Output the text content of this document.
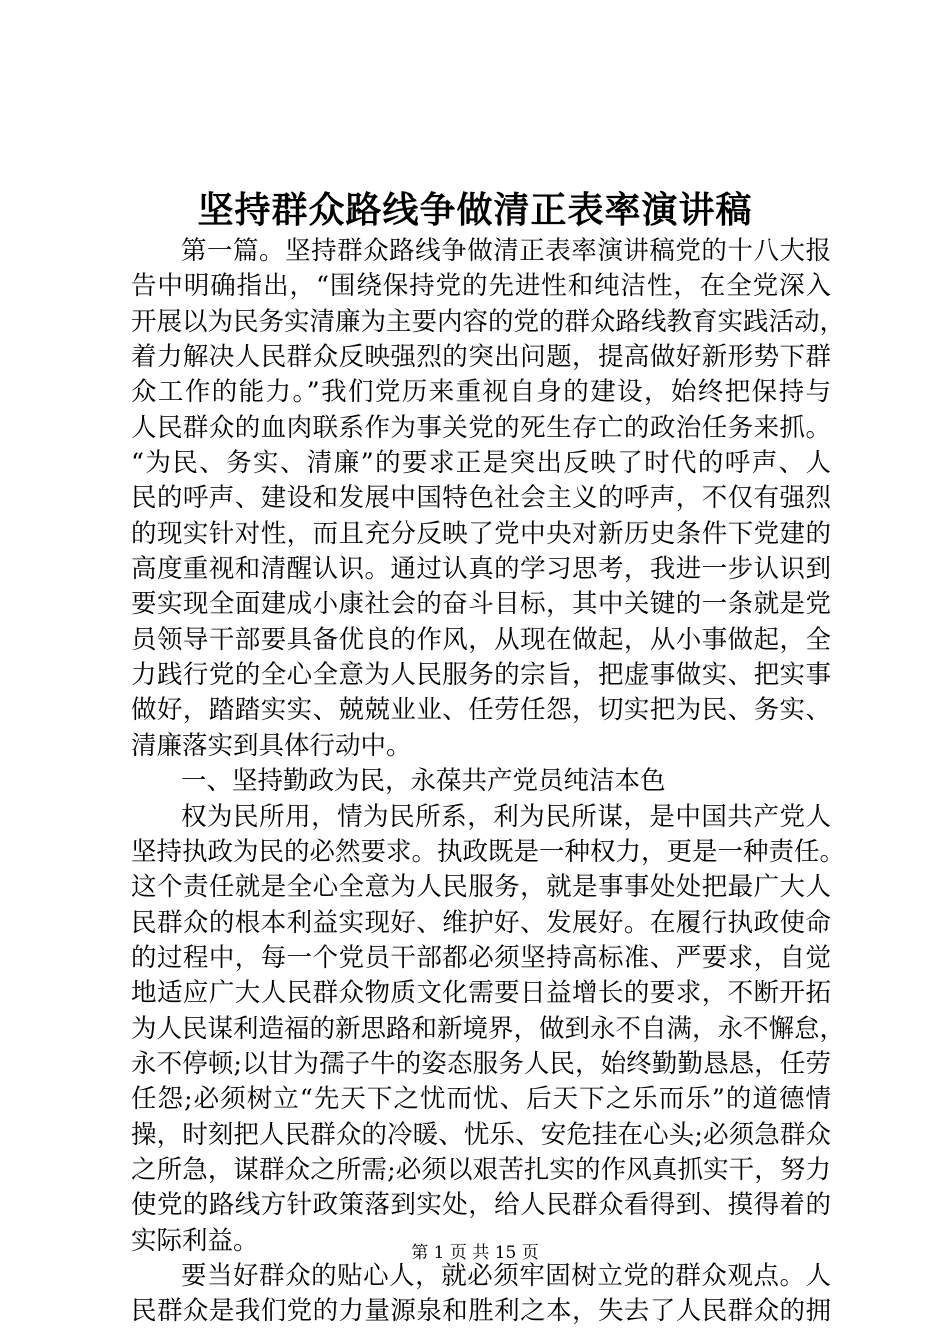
坚持群众路线争做清正表率演讲稿
第一篇。坚持群众路线争做清正表率演讲稿党的十八大报
告中明确指出，“围绕保持党的先进性和纯洁性，在全党深入
开展以为民务实清廉为主要内容的党的群众路线教育实践活动，
着力解决人民群众反映强烈的突出问题，提高做好新形势下群
众工作的能力。”我们党历来重视自身的建设，始终把保持与
人民群众的血肉联系作为事关党的死生存亡的政治任务来抓。
“为民、务实、清廉”的要求正是突出反映了时代的呼声、人
民的呼声、建设和发展中国特色社会主义的呼声，不仅有强烈
的现实针对性，而且充分反映了党中央对新历史条件下党建的
高度重视和清醒认识。通过认真的学习思考，我进一步认识到
要实现全面建成小康社会的奋斗目标，其中关键的一条就是党
员领导干部要具备优良的作风，从现在做起，从小事做起，全
力践行党的全心全意为人民服务的宗旨，把虚事做实、把实事
做好，踏踏实实、兢兢业业、任劳任怨，切实把为民、务实、
清廉落实到具体行动中。
一、坚持勤政为民，永葆共产党员纯洁本色
权为民所用，情为民所系，利为民所谋，是中国共产党人
坚持执政为民的必然要求。执政既是一种权力，更是一种责任。
这个责任就是全心全意为人民服务，就是事事处处把最广大人
民群众的根本利益实现好、维护好、发展好。在履行执政使命
的过程中，每一个党员干部都必须坚持高标准、严要求，自觉
地适应广大人民群众物质文化需要日益增长的要求，不断开拓
为人民谋利造福的新思路和新境界，做到永不自满，永不懈怠，
永不停顿;以甘为孺子牛的姿态服务人民，始终勤勤恳恳，任劳
任怨;必须树立“先天下之忧而忧、后天下之乐而乐”的道德情
操，时刻把人民群众的冷暖、忧乐、安危挂在心头;必须急群众
之所急，谋群众之所需;必须以艰苦扎实的作风真抓实干，努力
使党的路线方针政策落到实处，给人民群众看得到、摸得着的
实际利益。
要当好群众的贴心人，就必须牢固树立党的群众观点。人
民群众是我们党的力量源泉和胜利之本，失去了人民群众的拥
第 1 页 共 15 页
